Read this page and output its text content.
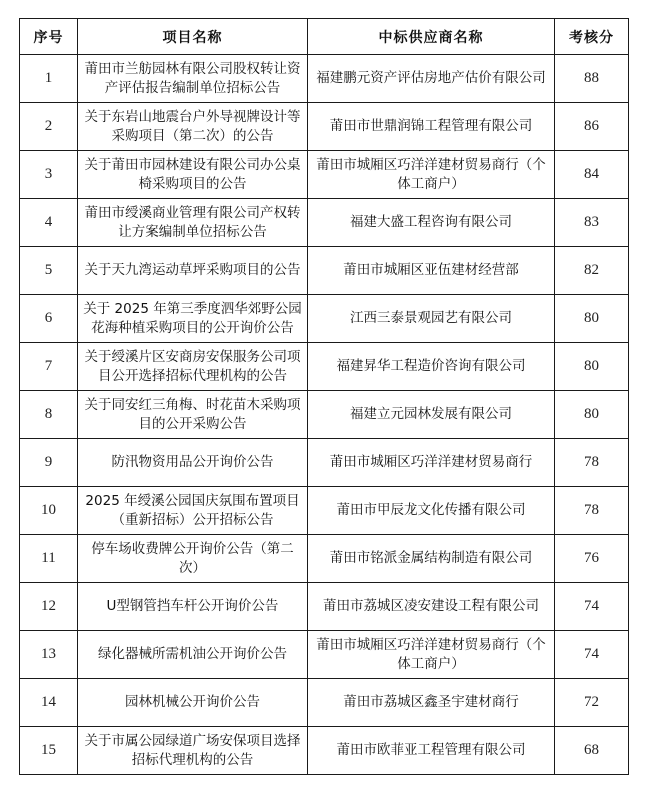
序号	项目名称	中标供应商名称	考核分
1	莆田市兰舫园林有限公司股权转让资产评估报告编制单位招标公告	福建鹏元资产评估房地产估价有限公司	88
2	关于东岩山地震台户外导视牌设计等采购项目（第二次）的公告	莆田市世鼎润锦工程管理有限公司	86
3	关于莆田市园林建设有限公司办公桌椅采购项目的公告	莆田市城厢区巧洋洋建材贸易商行（个体工商户）	84
4	莆田市绶溪商业管理有限公司产权转让方案编制单位招标公告	福建大盛工程咨询有限公司	83
5	关于天九湾运动草坪采购项目的公告	莆田市城厢区亚伍建材经营部	82
6	关于 2025 年第三季度泗华郊野公园花海种植采购项目的公开询价公告	江西三泰景观园艺有限公司	80
7	关于绶溪片区安商房安保服务公司项目公开选择招标代理机构的公告	福建昇华工程造价咨询有限公司	80
8	关于同安红三角梅、时花苗木采购项目的公开采购公告	福建立元园林发展有限公司	80
9	防汛物资用品公开询价公告	莆田市城厢区巧洋洋建材贸易商行	78
10	2025 年绶溪公园国庆氛围布置项目（重新招标）公开招标公告	莆田市甲辰龙文化传播有限公司	78
11	停车场收费牌公开询价公告（第二次）	莆田市铭派金属结构制造有限公司	76
12	U型钢管挡车杆公开询价公告	莆田市荔城区凌安建设工程有限公司	74
13	绿化器械所需机油公开询价公告	莆田市城厢区巧洋洋建材贸易商行（个体工商户）	74
14	园林机械公开询价公告	莆田市荔城区鑫圣宇建材商行	72
15	关于市属公园绿道广场安保项目选择招标代理机构的公告	莆田市欧菲亚工程管理有限公司	68
